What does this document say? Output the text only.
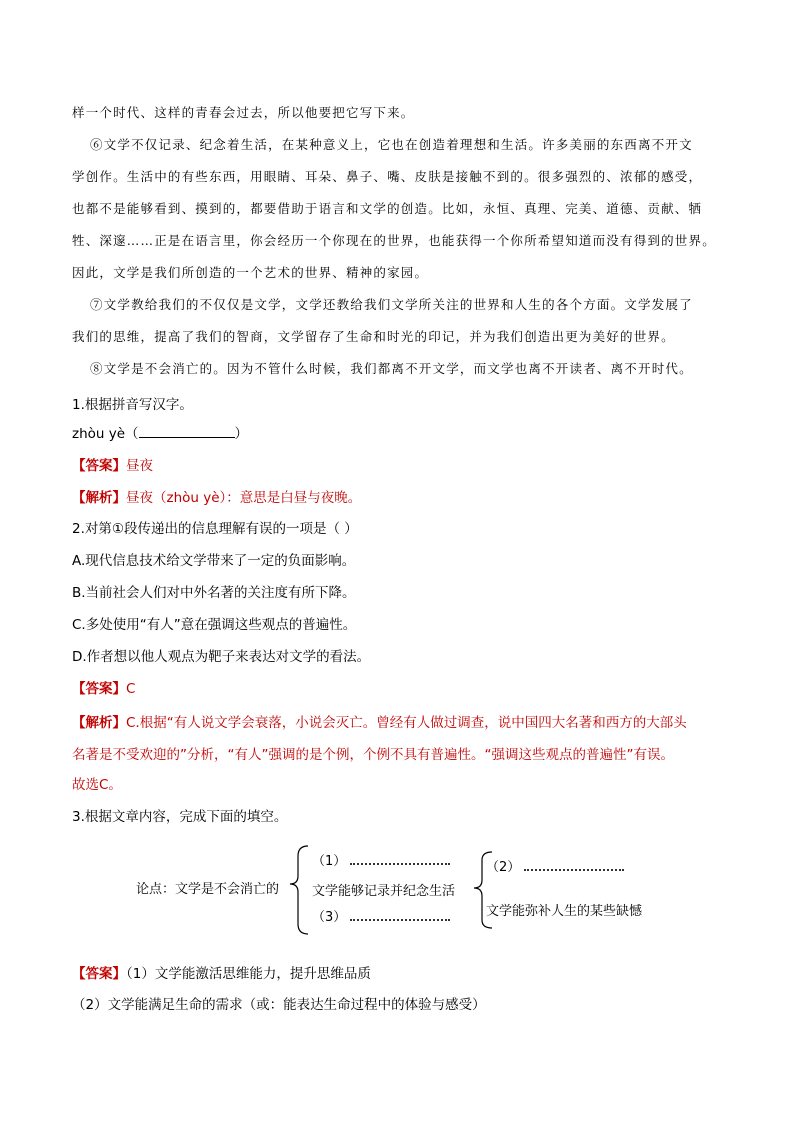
样一个时代、这样的青春会过去，所以他要把它写下来。
⑥文学不仅记录、纪念着生活，在某种意义上，它也在创造着理想和生活。许多美丽的东西离不开文
学创作。生活中的有些东西，用眼睛、耳朵、鼻子、嘴、皮肤是接触不到的。很多强烈的、浓郁的感受，
也都不是能够看到、摸到的，都要借助于语言和文学的创造。比如，永恒、真理、完美、道德、贡献、牺
牲、深邃……正是在语言里，你会经历一个你现在的世界，也能获得一个你所希望知道而没有得到的世界。
因此，文学是我们所创造的一个艺术的世界、精神的家园。
⑦文学教给我们的不仅仅是文学，文学还教给我们文学所关注的世界和人生的各个方面。文学发展了
我们的思维，提高了我们的智商，文学留存了生命和时光的印记，并为我们创造出更为美好的世界。
⑧文学是不会消亡的。因为不管什么时候，我们都离不开文学，而文学也离不开读者、离不开时代。
1.根据拼音写汉字。
zhòu yè（	）
【答案】昼夜
【解析】昼夜（zhòu yè）：意思是白昼与夜晚。
2.对第①段传递出的信息理解有误的一项是（ ）
A.现代信息技术给文学带来了一定的负面影响。
B.当前社会人们对中外名著的关注度有所下降。
C.多处使用“有人”意在强调这些观点的普遍性。
D.作者想以他人观点为靶子来表达对文学的看法。
【答案】C
【解析】C.根据“有人说文学会衰落，小说会灭亡。曾经有人做过调查，说中国四大名著和西方的大部头
名著是不受欢迎的”分析，“有人”强调的是个例，个例不具有普遍性。“强调这些观点的普遍性”有误。
故选C。
3.根据文章内容，完成下面的填空。
论点：文学是不会消亡的
（1）
文学能够记录并纪念生活
（3）
（2）
文学能弥补人生的某些缺憾
【答案】（1）文学能激活思维能力，提升思维品质
（2）文学能满足生命的需求（或：能表达生命过程中的体验与感受）
